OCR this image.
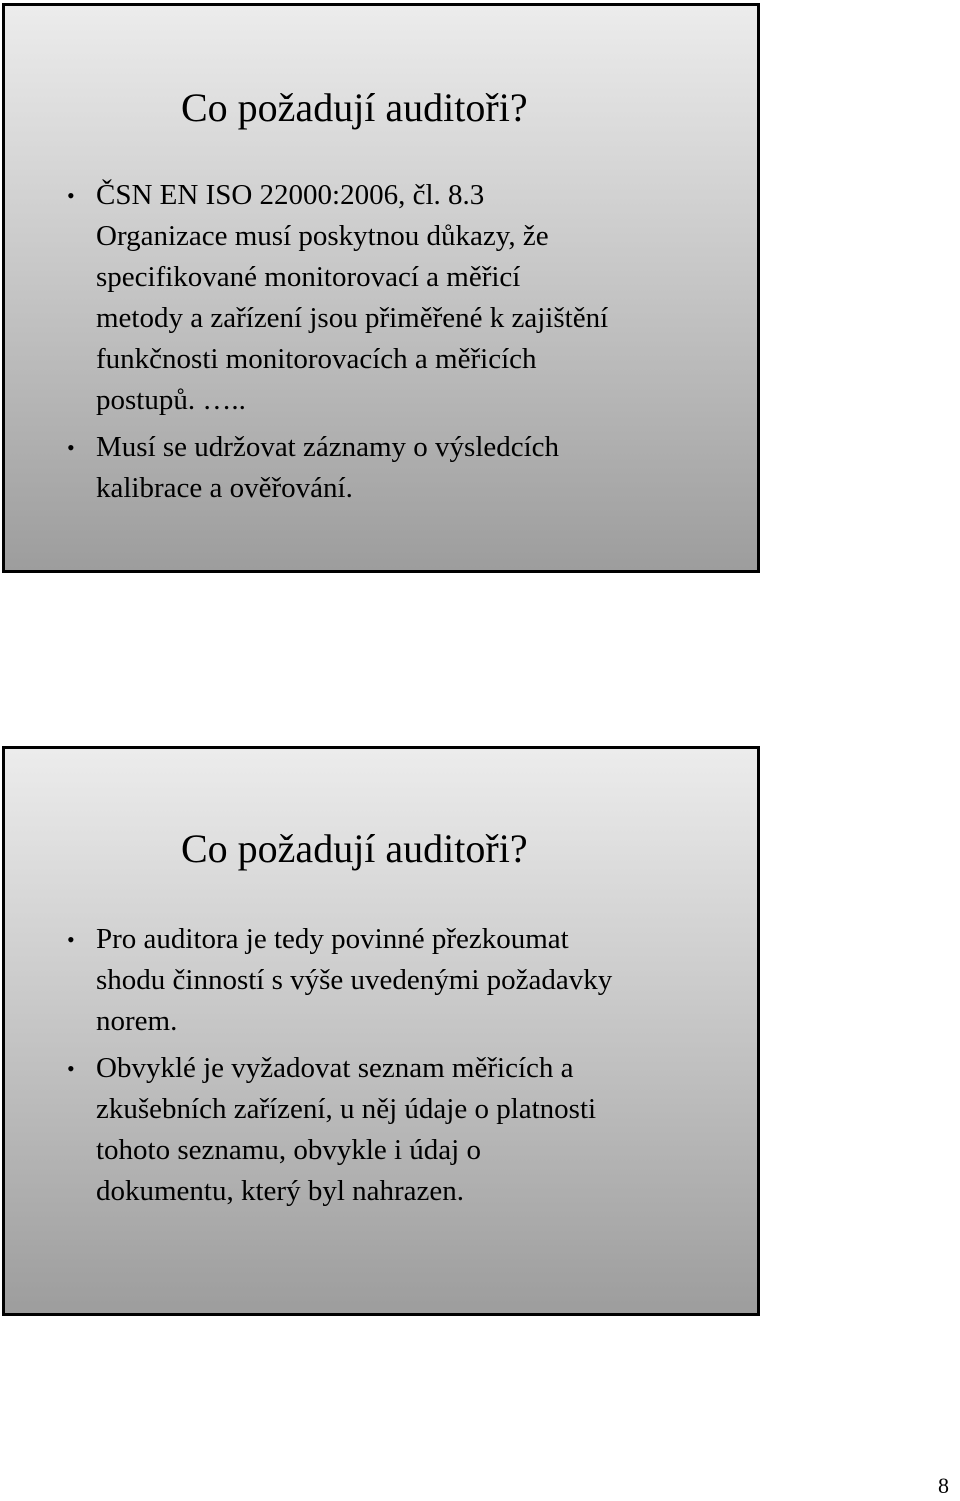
Co požadují auditoři?
• ČSN EN ISO 22000:2006, čl. 8.3
Organizace musí poskytnou důkazy, že
specifikované monitorovací a měřicí
metody a zařízení jsou přiměřené k zajištění
funkčnosti monitorovacích a měřicích
postupů. …..
• Musí se udržovat záznamy o výsledcích
kalibrace a ověřování.
Co požadují auditoři?
• Pro auditora je tedy povinné přezkoumat
shodu činností s výše uvedenými požadavky
norem.
• Obvyklé je vyžadovat seznam měřicích a
zkušebních zařízení, u něj údaje o platnosti
tohoto seznamu, obvykle i údaj o
dokumentu, který byl nahrazen.
8
